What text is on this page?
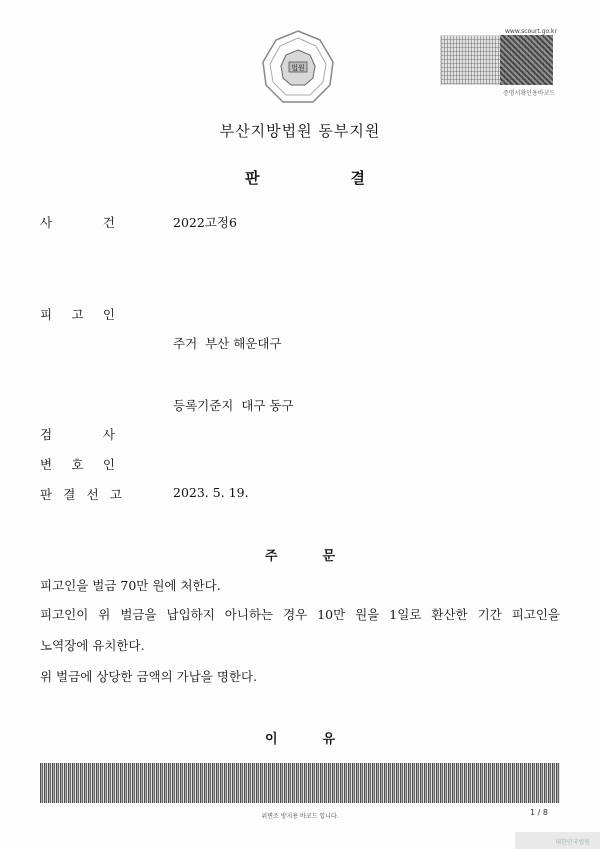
법원
www.scourt.go.kr
증명서확인용바코드
부산지방법원 동부지원
판	결
사	건	2022고정6
피 고 인
주거  부산 해운대구
등록기준지  대구 동구
검	사
변 호 인
판 결 선 고	2023. 5. 19.
주	문
피고인을 벌금 70만 원에 처한다.
피고인이 위 벌금을 납입하지 아니하는 경우 10만 원을 1일로 환산한 기간 피고인을
노역장에 유치한다.
위 벌금에 상당한 금액의 가납을 명한다.
이	유
위변조 방지용 바코드 입니다.	1 / 8
대한민국법원
